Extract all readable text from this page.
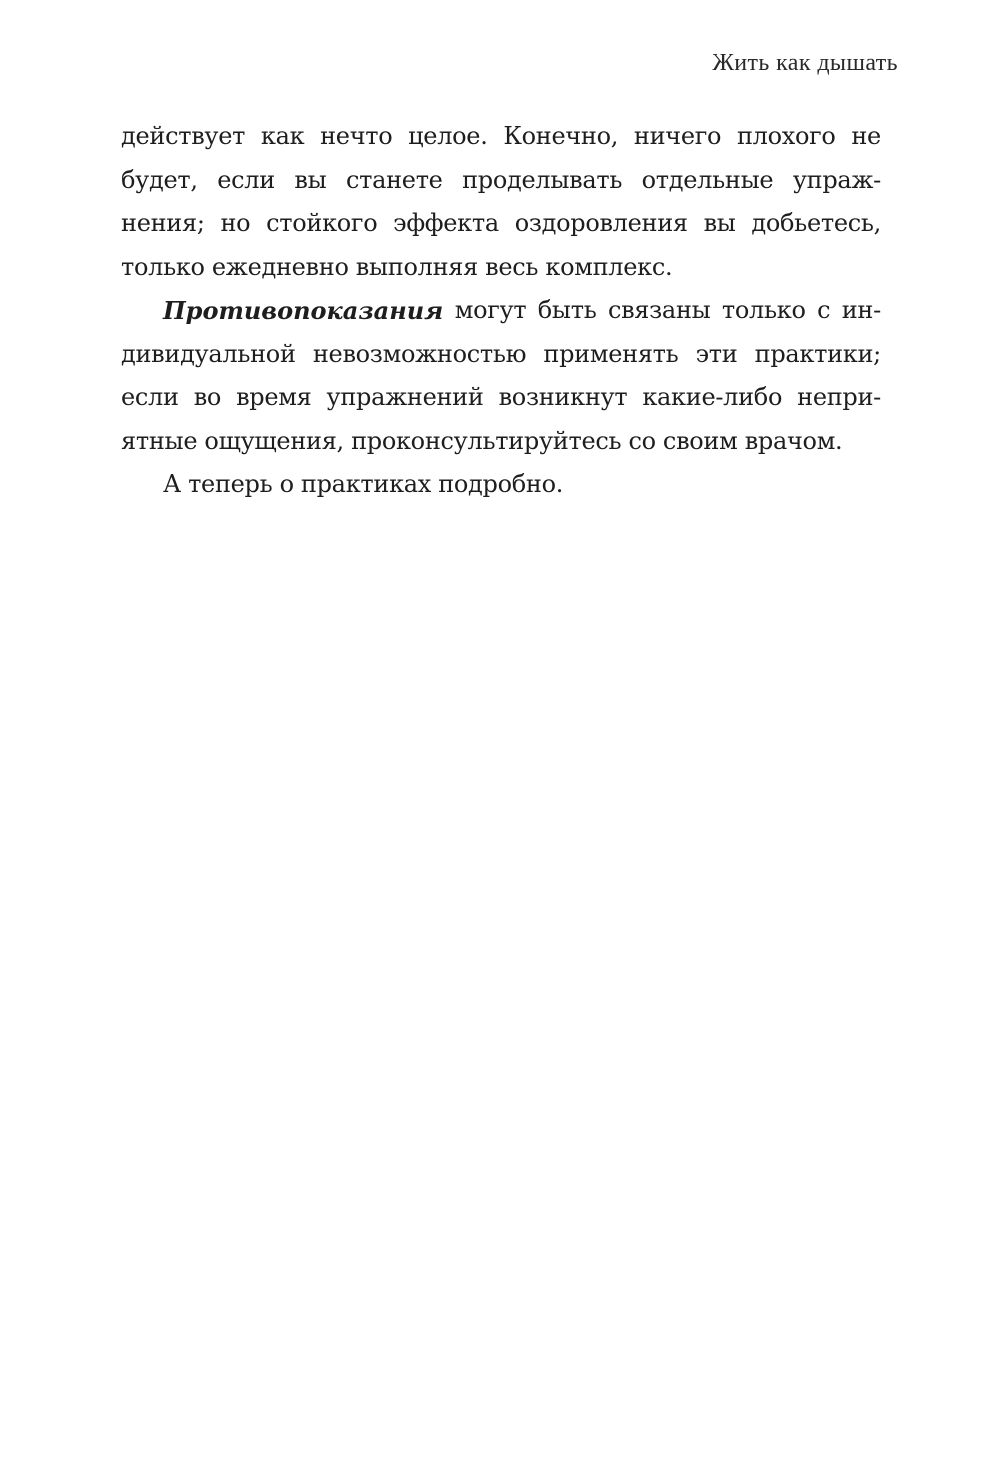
Жить как дышать
действует как нечто целое. Конечно, ничего плохого не
будет, если вы станете проделывать отдельные упраж-
нения; но стойкого эффекта оздоровления вы добьетесь,
только ежедневно выполняя весь комплекс.
Противопоказания могут быть связаны только с ин-
дивидуальной невозможностью применять эти практики;
если во время упражнений возникнут какие-либо непри-
ятные ощущения, проконсультируйтесь со своим врачом.
А теперь о практиках подробно.
